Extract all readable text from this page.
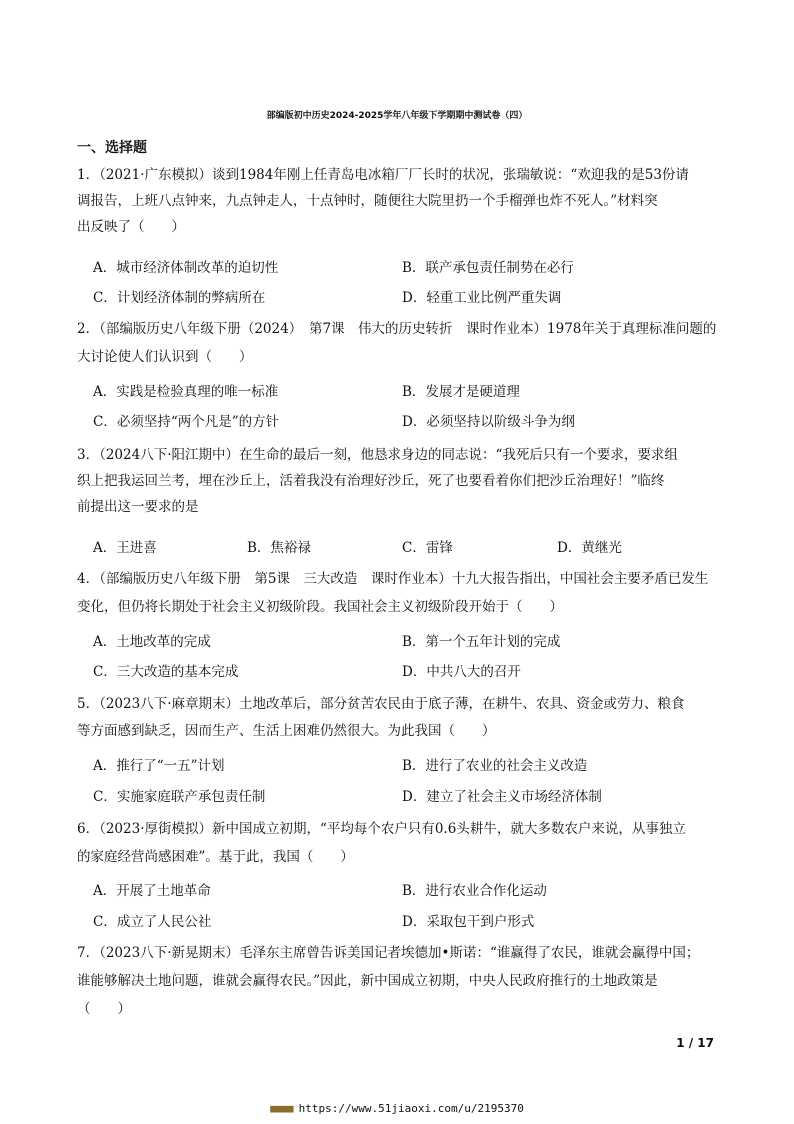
部编版初中历史2024-2025学年八年级下学期期中测试卷（四）
一、选择题
1．（2021·广东模拟）谈到1984年刚上任青岛电冰箱厂厂长时的状况，张瑞敏说：“欢迎我的是53份请
调报告，上班八点钟来，九点钟走人，十点钟时，随便往大院里扔一个手榴弹也炸不死人。”材料突
出反映了（　　）
A．城市经济体制改革的迫切性	B．联产承包责任制势在必行
C．计划经济体制的弊病所在	D．轻重工业比例严重失调
2．（部编版历史八年级下册（2024）　第7课　伟大的历史转折　课时作业本）1978年关于真理标准问题的
大讨论使人们认识到（　　）
A．实践是检验真理的唯一标准	B．发展才是硬道理
C．必须坚持“两个凡是”的方针	D．必须坚持以阶级斗争为纲
3．（2024八下·阳江期中）在生命的最后一刻，他恳求身边的同志说：“我死后只有一个要求，要求组
织上把我运回兰考，埋在沙丘上，活着我没有治理好沙丘，死了也要看着你们把沙丘治理好！”临终
前提出这一要求的是
A．王进喜	B．焦裕禄	C．雷锋	D．黄继光
4．（部编版历史八年级下册　第5课　三大改造　课时作业本）十九大报告指出，中国社会主要矛盾已发生
变化，但仍将长期处于社会主义初级阶段。我国社会主义初级阶段开始于（　　）
A．土地改革的完成	B．第一个五年计划的完成
C．三大改造的基本完成	D．中共八大的召开
5．（2023八下·麻章期末）土地改革后，部分贫苦农民由于底子薄，在耕牛、农具、资金或劳力、粮食
等方面感到缺乏，因而生产、生活上困难仍然很大。为此我国（　　）
A．推行了“一五”计划	B．进行了农业的社会主义改造
C．实施家庭联产承包责任制	D．建立了社会主义市场经济体制
6．（2023·厚街模拟）新中国成立初期，“平均每个农户只有0.6头耕牛，就大多数农户来说，从事独立
的家庭经营尚感困难”。基于此，我国（　　）
A．开展了土地革命	B．进行农业合作化运动
C．成立了人民公社	D．采取包干到户形式
7．（2023八下·新晃期末）毛泽东主席曾告诉美国记者埃德加•斯诺：“谁赢得了农民，谁就会赢得中国；
谁能够解决土地问题，谁就会赢得农民。”因此，新中国成立初期，中央人民政府推行的土地政策是
（　　）
1 / 17
■■■■ https://www.51jiaoxi.com/u/2195370
